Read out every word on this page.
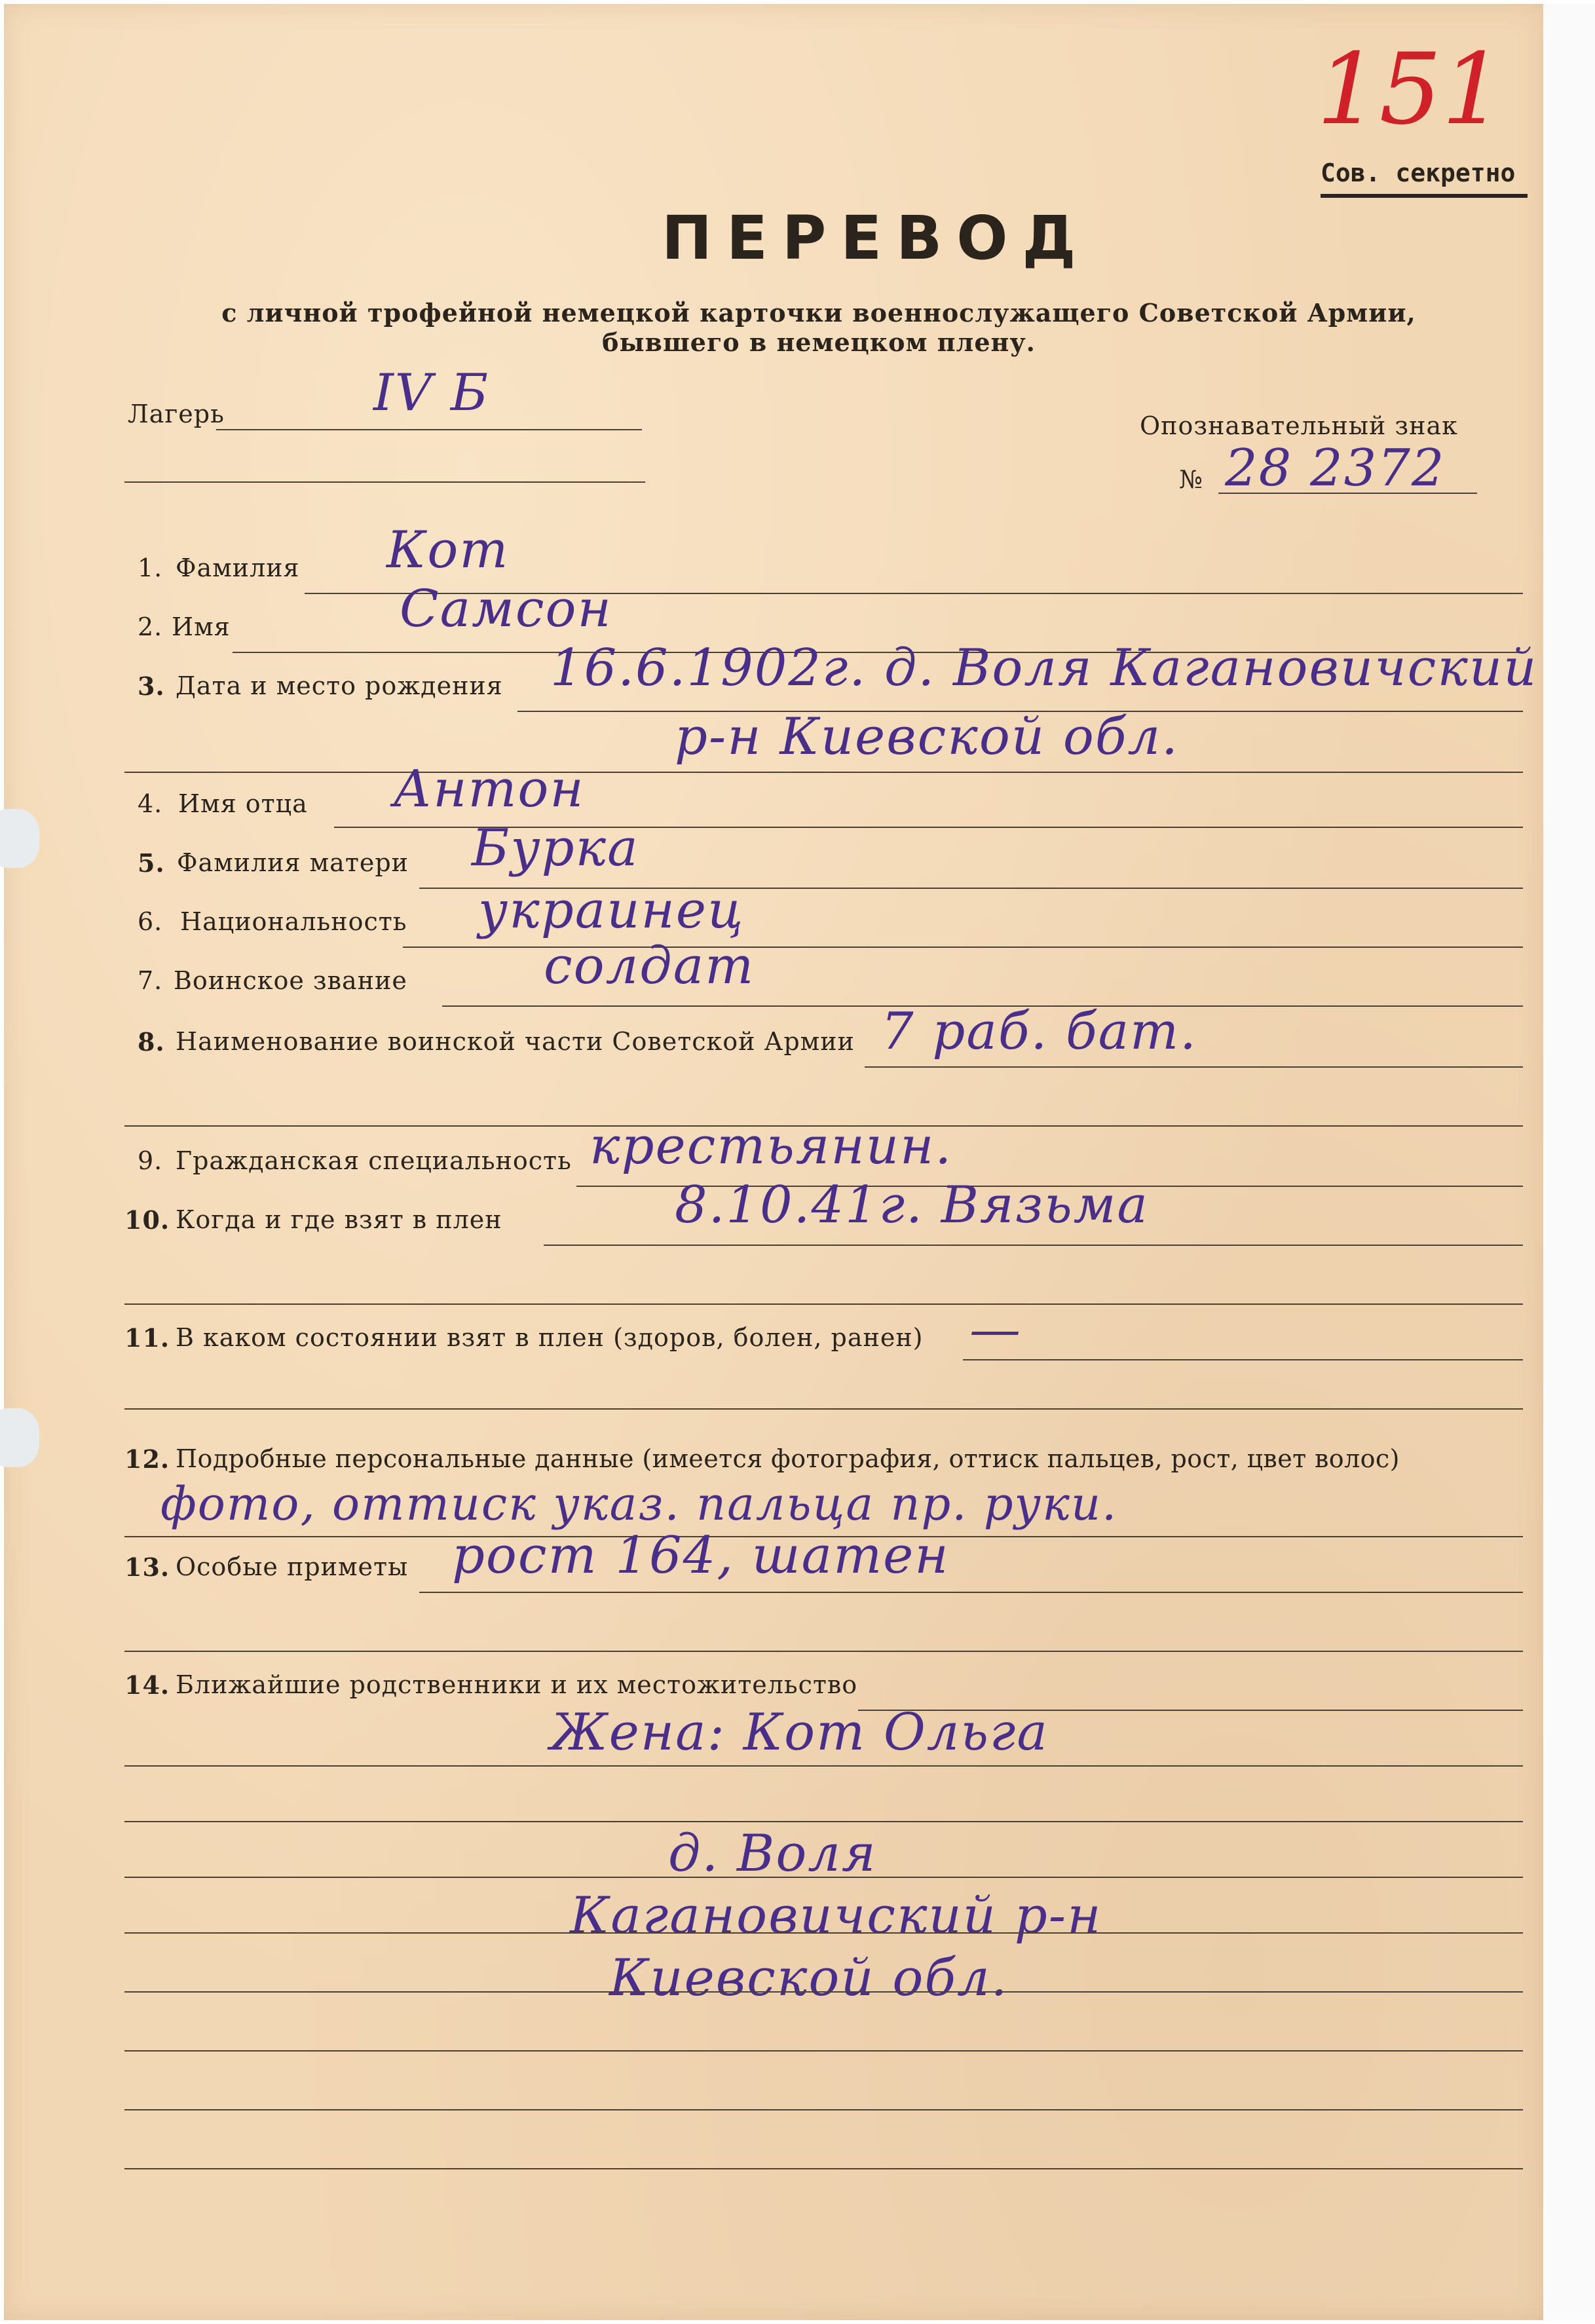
151
Сов. секретно
ПЕРЕВОД
с личной трофейной немецкой карточки военнослужащего Советской Армии,
бывшего в немецком плену.
Лагерь	IV Б
Опознавательный знак
№ 28 2372
1. Фамилия Кот
2. Имя	Самсон
3. Дата и место рождения 16.6.1902г. д. Воля Кагановичский
р-н Киевской обл.
4. Имя отца Антон
5. Фамилия матери Бурка
6. Национальность украинец
7. Воинское звание	солдат
8. Наименование воинской части Советской Армии 7 раб. бат.
9. Гражданская специальность крестьянин.
10. Когда и где взят в плен	8.10.41г. Вязьма
11. В каком состоянии взят в плен (здоров, болен, ранен) —
12. Подробные персональные данные (имеется фотография, оттиск пальцев, рост, цвет волос)
фото, оттиск указ. пальца пр. руки.
13. Особые приметы рост 164, шатен
14. Ближайшие родственники и их местожительство
Жена: Кот Ольга
д. Воля
Кагановичский р-н
Киевской обл.
